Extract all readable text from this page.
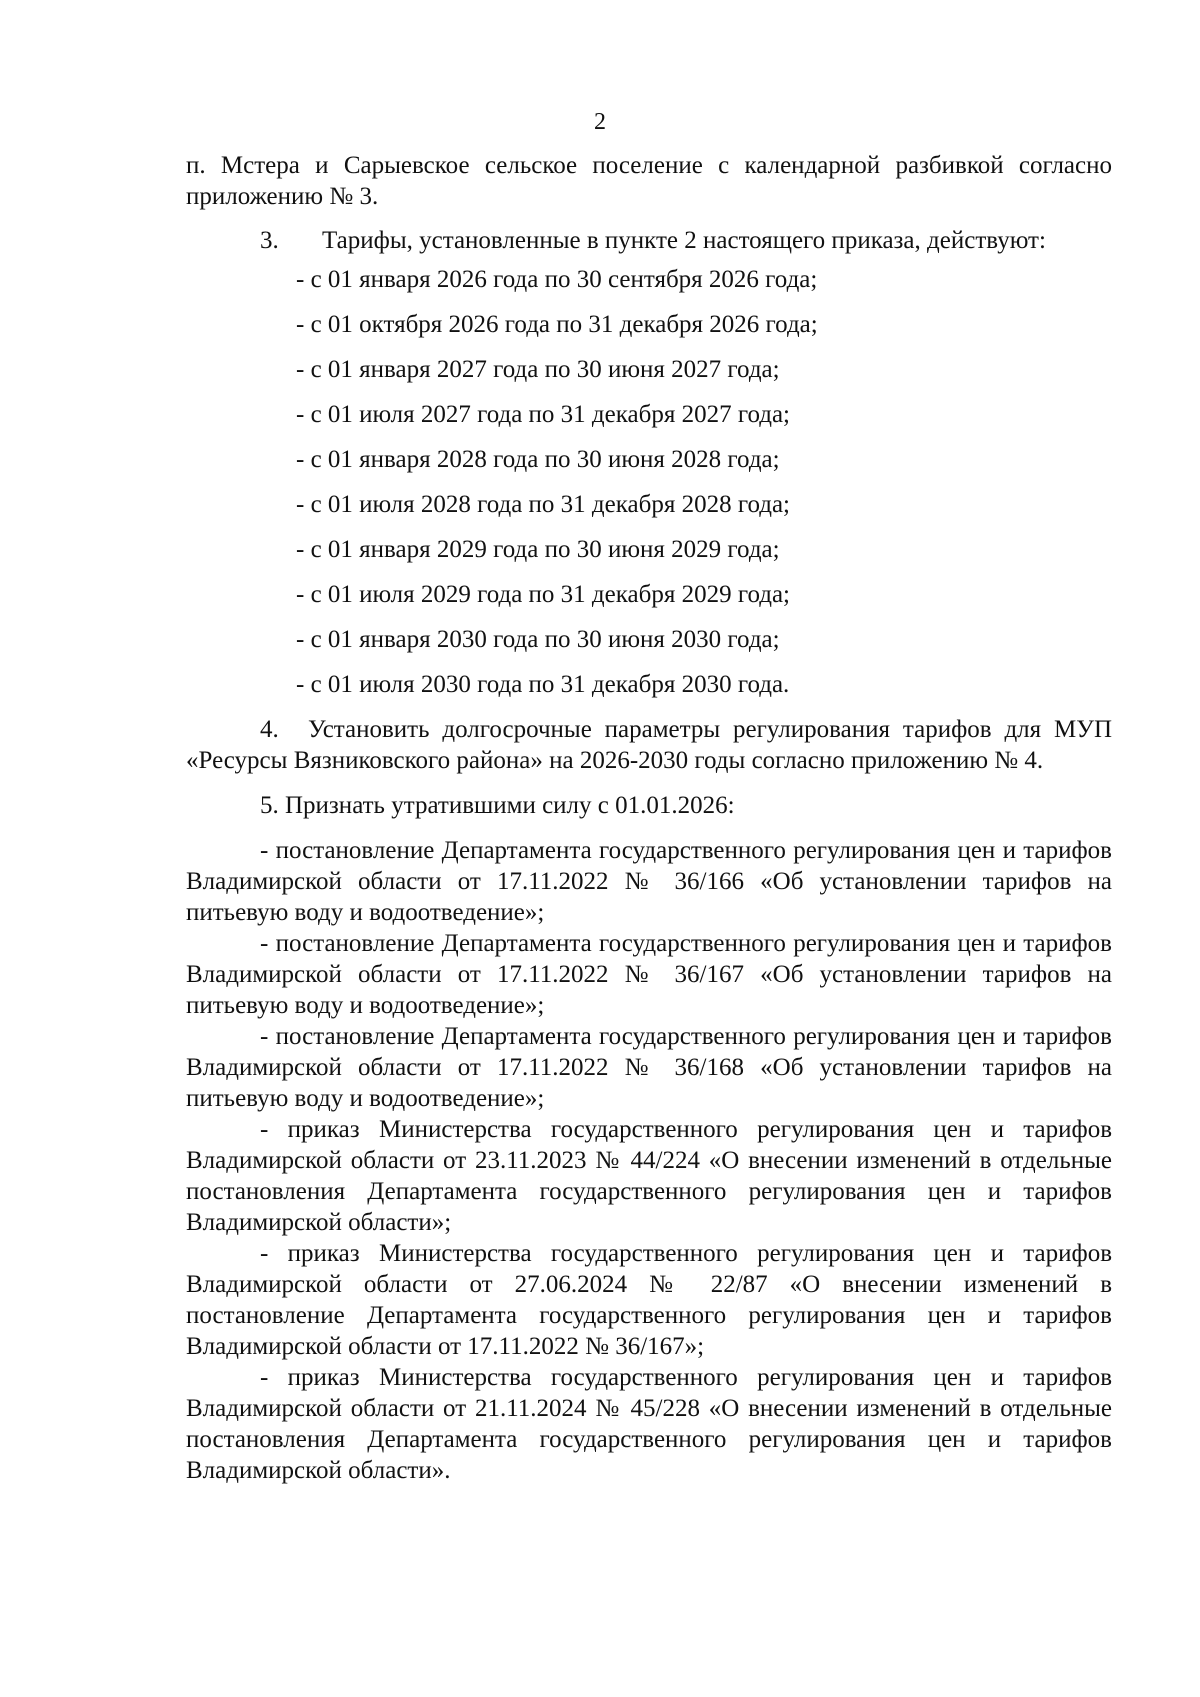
2

п. Мстера и Сарыевское сельское поселение с календарной разбивкой согласно приложению № 3.

3. Тарифы, установленные в пункте 2 настоящего приказа, действуют:

- с 01 января 2026 года по 30 сентября 2026 года;
- с 01 октября 2026 года по 31 декабря 2026 года;
- с 01 января 2027 года по 30 июня 2027 года;
- с 01 июля 2027 года по 31 декабря 2027 года;
- с 01 января 2028 года по 30 июня 2028 года;
- с 01 июля 2028 года по 31 декабря 2028 года;
- с 01 января 2029 года по 30 июня 2029 года;
- с 01 июля 2029 года по 31 декабря 2029 года;
- с 01 января 2030 года по 30 июня 2030 года;
- с 01 июля 2030 года по 31 декабря 2030 года.

4. Установить долгосрочные параметры регулирования тарифов для МУП «Ресурсы Вязниковского района» на 2026-2030 годы согласно приложению № 4.

5. Признать утратившими силу с 01.01.2026:

- постановление Департамента государственного регулирования цен и тарифов Владимирской области от 17.11.2022 № 36/166 «Об установлении тарифов на питьевую воду и водоотведение»;
- постановление Департамента государственного регулирования цен и тарифов Владимирской области от 17.11.2022 № 36/167 «Об установлении тарифов на питьевую воду и водоотведение»;
- постановление Департамента государственного регулирования цен и тарифов Владимирской области от 17.11.2022 № 36/168 «Об установлении тарифов на питьевую воду и водоотведение»;
- приказ Министерства государственного регулирования цен и тарифов Владимирской области от 23.11.2023 № 44/224 «О внесении изменений в отдельные постановления Департамента государственного регулирования цен и тарифов Владимирской области»;
- приказ Министерства государственного регулирования цен и тарифов Владимирской области от 27.06.2024 № 22/87 «О внесении изменений в постановление Департамента государственного регулирования цен и тарифов Владимирской области от 17.11.2022 № 36/167»;
- приказ Министерства государственного регулирования цен и тарифов Владимирской области от 21.11.2024 № 45/228 «О внесении изменений в отдельные постановления Департамента государственного регулирования цен и тарифов Владимирской области».
